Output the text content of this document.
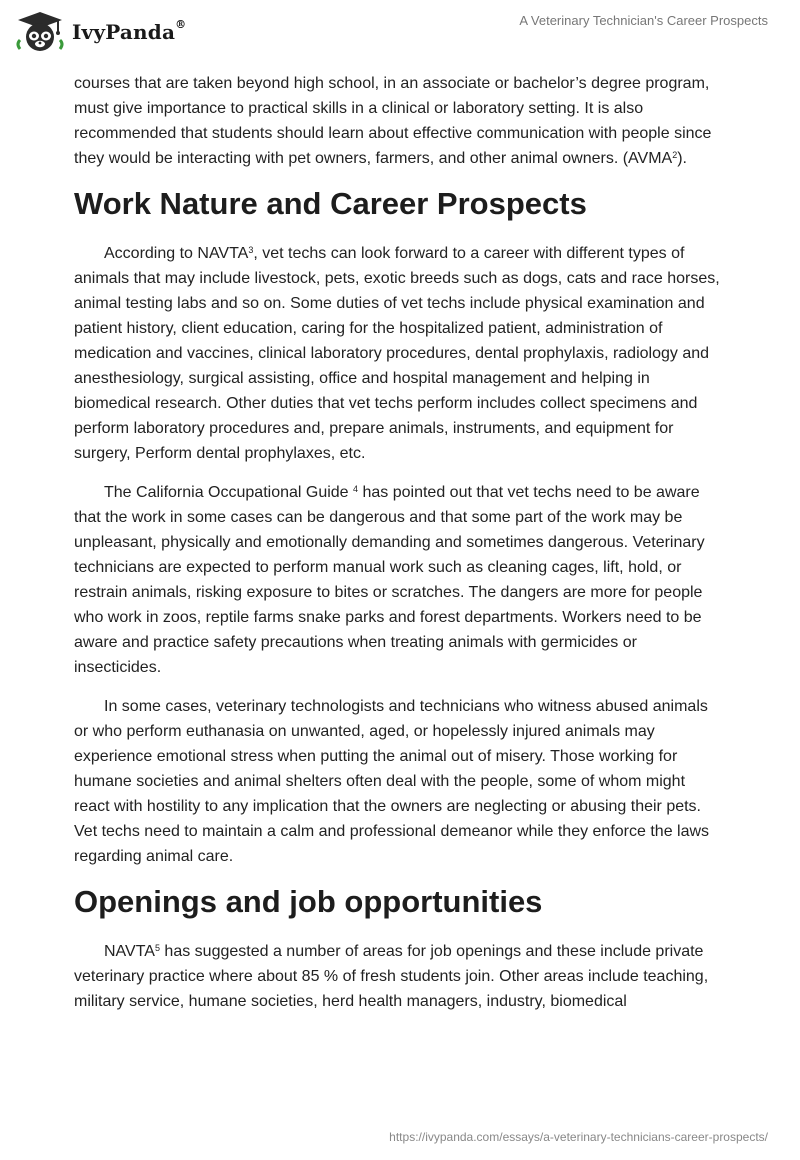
IvyPanda®	A Veterinary Technician's Career Prospects

courses that are taken beyond high school, in an associate or bachelor’s degree program, must give importance to practical skills in a clinical or laboratory setting. It is also recommended that students should learn about effective communication with people since they would be interacting with pet owners, farmers, and other animal owners. (AVMA$^2$).

Work Nature and Career Prospects

According to NAVTA$^3$, vet techs can look forward to a career with different types of animals that may include livestock, pets, exotic breeds such as dogs, cats and race horses, animal testing labs and so on. Some duties of vet techs include physical examination and patient history, client education, caring for the hospitalized patient, administration of medication and vaccines, clinical laboratory procedures, dental prophylaxis, radiology and anesthesiology, surgical assisting, office and hospital management and helping in biomedical research. Other duties that vet techs perform includes collect specimens and perform laboratory procedures and, prepare animals, instruments, and equipment for surgery, Perform dental prophylaxes, etc.

The California Occupational Guide $^4$ has pointed out that vet techs need to be aware that the work in some cases can be dangerous and that some part of the work may be unpleasant, physically and emotionally demanding and sometimes dangerous. Veterinary technicians are expected to perform manual work such as cleaning cages, lift, hold, or restrain animals, risking exposure to bites or scratches. The dangers are more for people who work in zoos, reptile farms snake parks and forest departments. Workers need to be aware and practice safety precautions when treating animals with germicides or insecticides.

In some cases, veterinary technologists and technicians who witness abused animals or who perform euthanasia on unwanted, aged, or hopelessly injured animals may experience emotional stress when putting the animal out of misery. Those working for humane societies and animal shelters often deal with the people, some of whom might react with hostility to any implication that the owners are neglecting or abusing their pets. Vet techs need to maintain a calm and professional demeanor while they enforce the laws regarding animal care.

Openings and job opportunities

NAVTA$^5$ has suggested a number of areas for job openings and these include private veterinary practice where about 85 % of fresh students join. Other areas include teaching, military service, humane societies, herd health managers, industry, biomedical

https://ivypanda.com/essays/a-veterinary-technicians-career-prospects/
